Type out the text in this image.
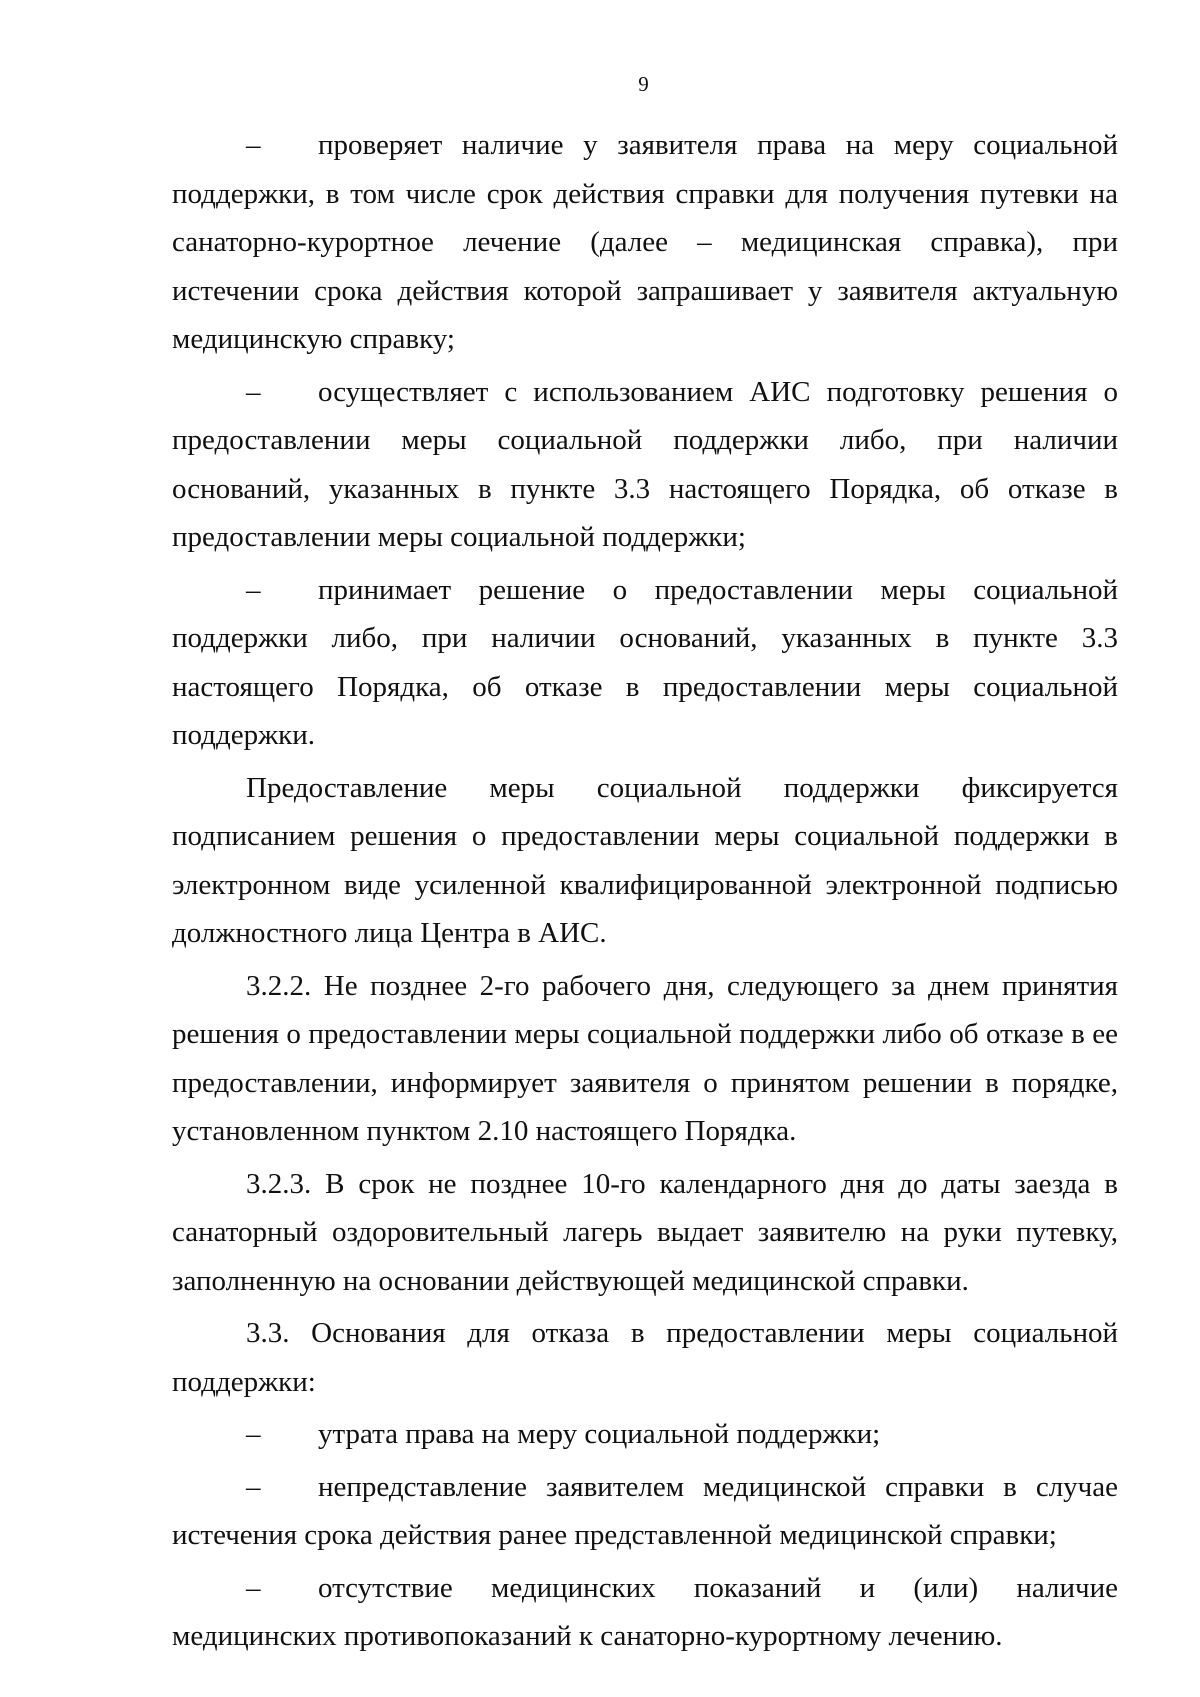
9

– проверяет наличие у заявителя права на меру социальной поддержки, в том числе срок действия справки для получения путевки на санаторно-курортное лечение (далее – медицинская справка), при истечении срока действия которой запрашивает у заявителя актуальную медицинскую справку;

– осуществляет с использованием АИС подготовку решения о предоставлении меры социальной поддержки либо, при наличии оснований, указанных в пункте 3.3 настоящего Порядка, об отказе в предоставлении меры социальной поддержки;

– принимает решение о предоставлении меры социальной поддержки либо, при наличии оснований, указанных в пункте 3.3 настоящего Порядка, об отказе в предоставлении меры социальной поддержки.

Предоставление меры социальной поддержки фиксируется подписанием решения о предоставлении меры социальной поддержки в электронном виде усиленной квалифицированной электронной подписью должностного лица Центра в АИС.

3.2.2. Не позднее 2-го рабочего дня, следующего за днем принятия решения о предоставлении меры социальной поддержки либо об отказе в ее предоставлении, информирует заявителя о принятом решении в порядке, установленном пунктом 2.10 настоящего Порядка.

3.2.3. В срок не позднее 10-го календарного дня до даты заезда в санаторный оздоровительный лагерь выдает заявителю на руки путевку, заполненную на основании действующей медицинской справки.

3.3. Основания для отказа в предоставлении меры социальной поддержки:

– утрата права на меру социальной поддержки;

– непредставление заявителем медицинской справки в случае истечения срока действия ранее представленной медицинской справки;

– отсутствие медицинских показаний и (или) наличие медицинских противопоказаний к санаторно-курортному лечению.
